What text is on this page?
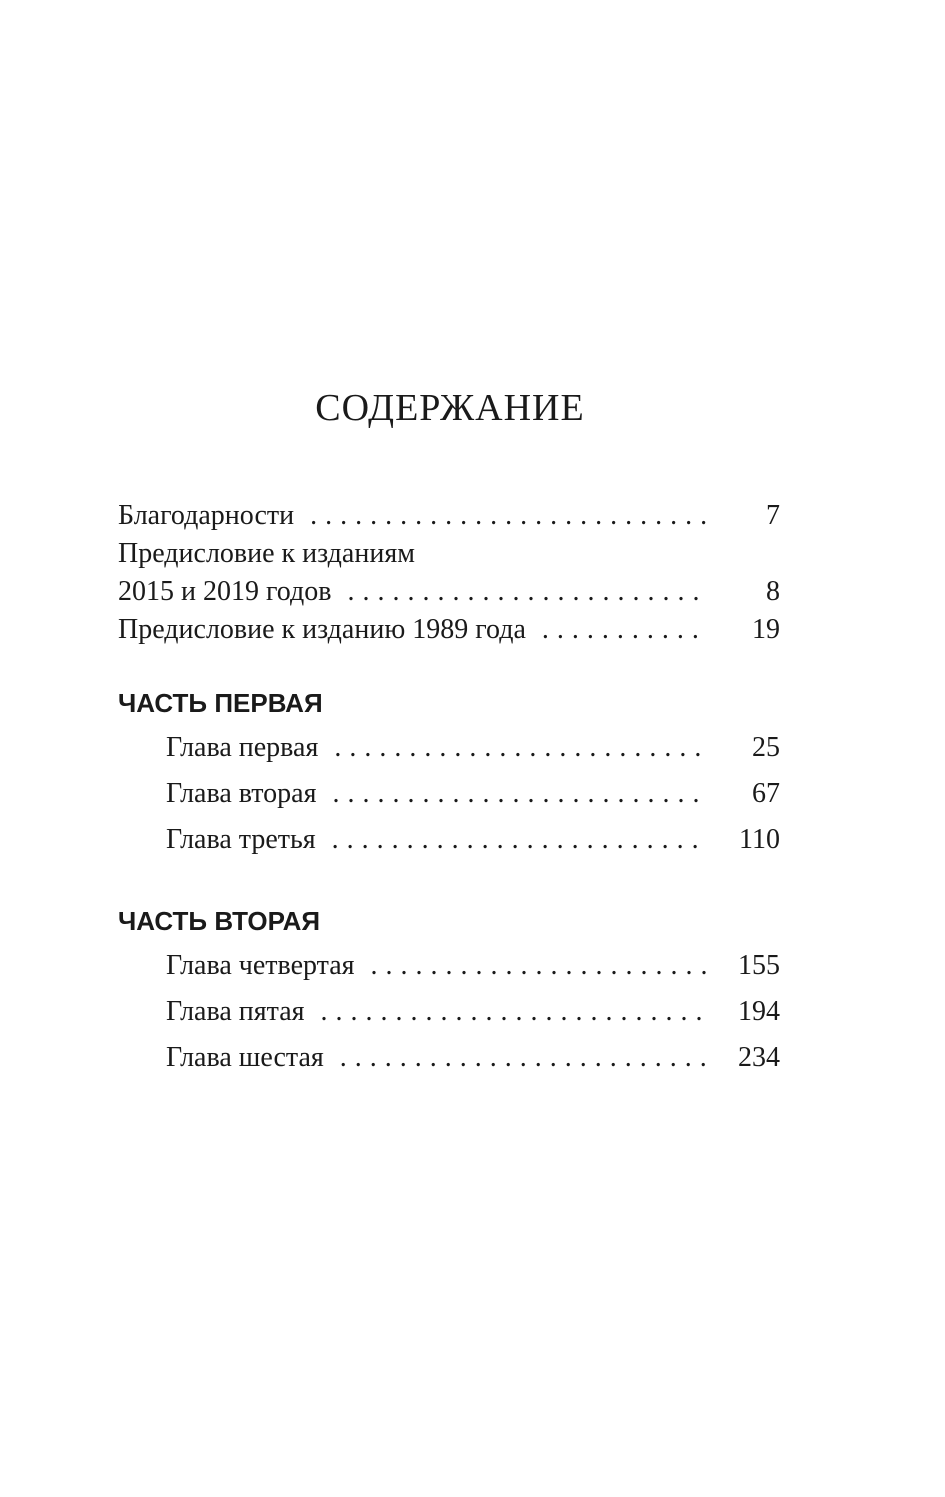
СОДЕРЖАНИЕ
Благодарности . . .	7
Предисловие к изданиям
2015 и 2019 годов . . .	8
Предисловие к изданию 1989 года . . .	19
ЧАСТЬ ПЕРВАЯ
Глава первая . . .	25
Глава вторая . . .	67
Глава третья . . .	110
ЧАСТЬ ВТОРАЯ
Глава четвертая . . .	155
Глава пятая . . .	194
Глава шестая . . .	234
